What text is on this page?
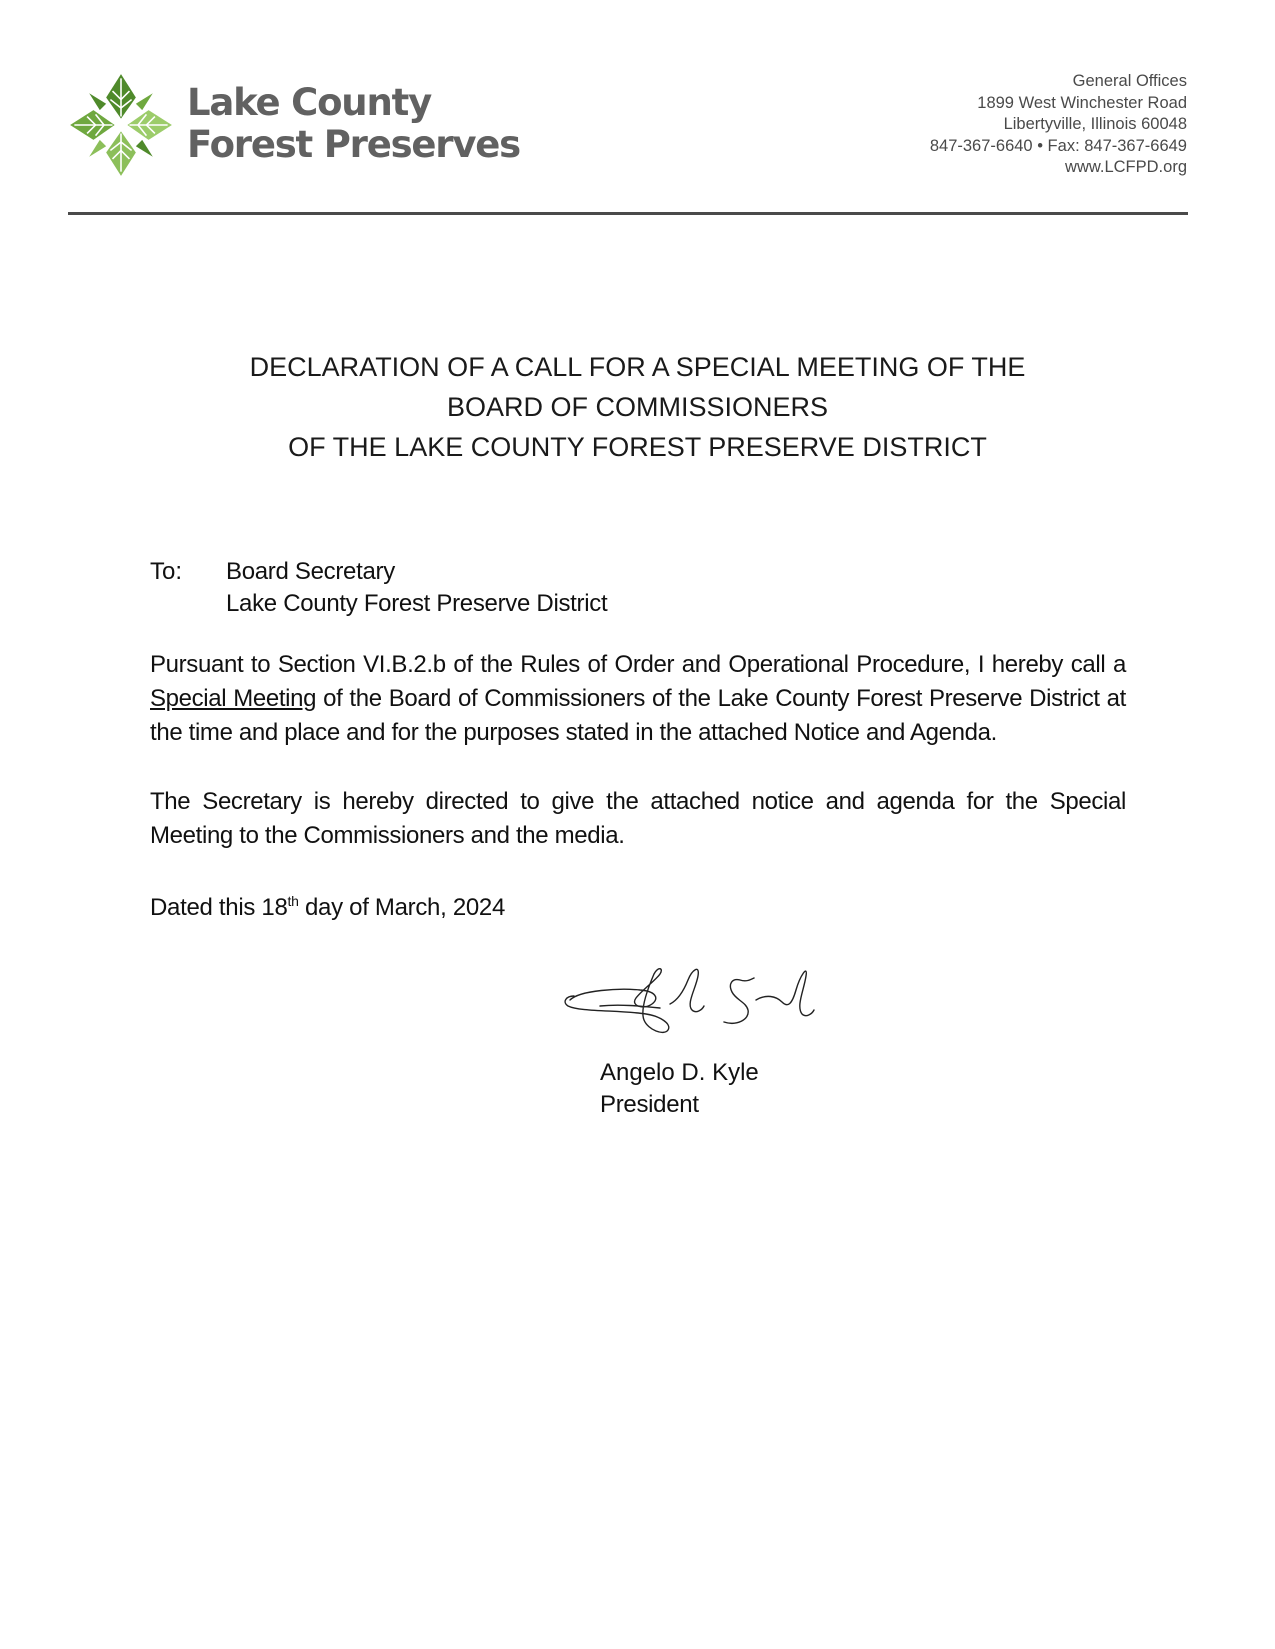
Lake County
Forest Preserves
General Offices
1899 West Winchester Road
Libertyville, Illinois 60048
847-367-6640 • Fax: 847-367-6649
www.LCFPD.org
DECLARATION OF A CALL FOR A SPECIAL MEETING OF THE
BOARD OF COMMISSIONERS
OF THE LAKE COUNTY FOREST PRESERVE DISTRICT
To: Board Secretary
Lake County Forest Preserve District
Pursuant to Section VI.B.2.b of the Rules of Order and Operational Procedure, I hereby call a Special Meeting of the Board of Commissioners of the Lake County Forest Preserve District at the time and place and for the purposes stated in the attached Notice and Agenda.
The Secretary is hereby directed to give the attached notice and agenda for the Special Meeting to the Commissioners and the media.
Dated this 18th day of March, 2024
Angelo D. Kyle
President
